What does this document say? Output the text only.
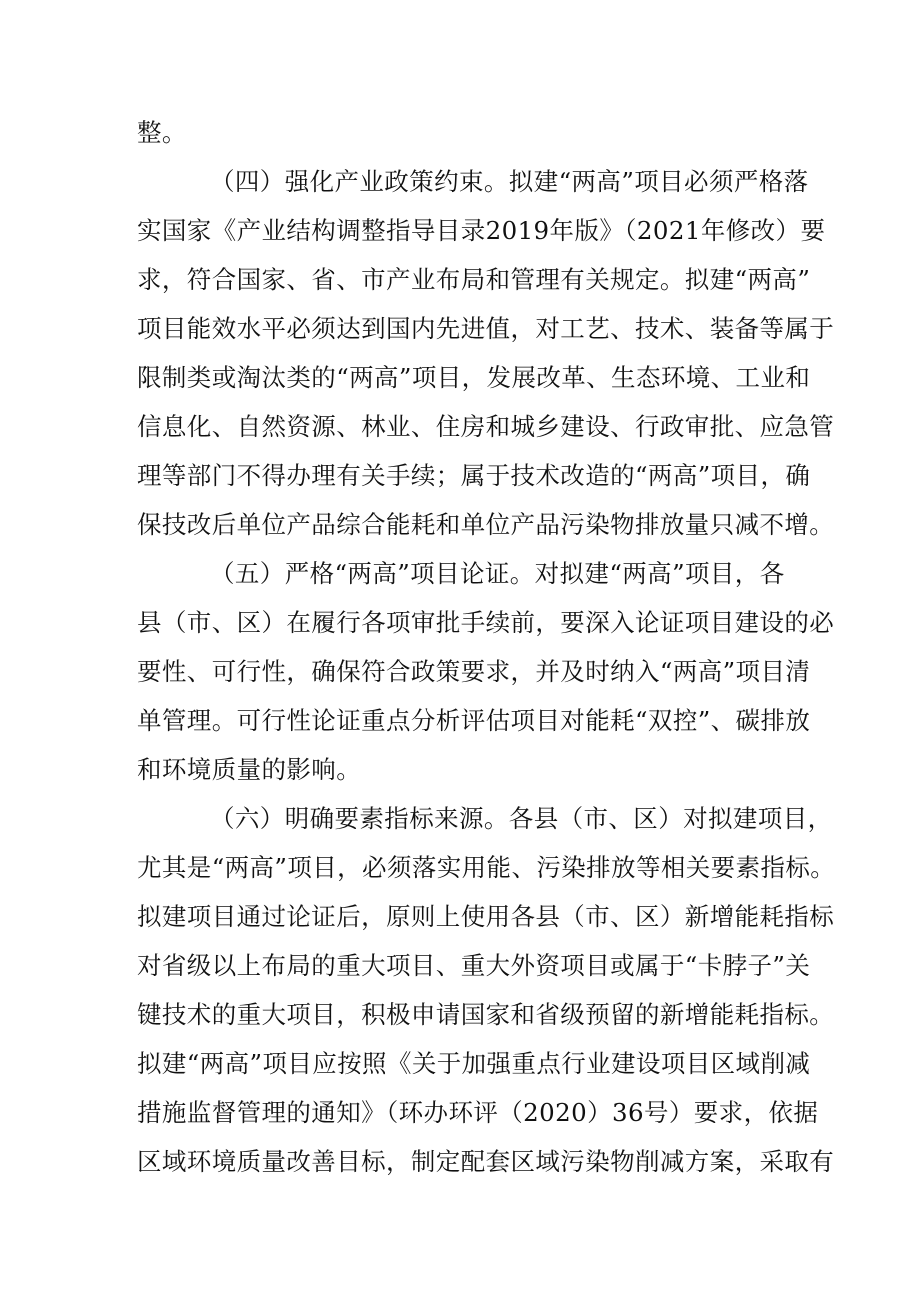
整。
（四）强化产业政策约束。拟建“两高”项目必须严格落
实国家《产业结构调整指导目录2019年版》（2021年修改）要
求，符合国家、省、市产业布局和管理有关规定。拟建“两高”
项目能效水平必须达到国内先进值，对工艺、技术、装备等属于
限制类或淘汰类的“两高”项目，发展改革、生态环境、工业和
信息化、自然资源、林业、住房和城乡建设、行政审批、应急管
理等部门不得办理有关手续；属于技术改造的“两高”项目，确
保技改后单位产品综合能耗和单位产品污染物排放量只减不增。
（五）严格“两高”项目论证。对拟建“两高”项目，各
县（市、区）在履行各项审批手续前，要深入论证项目建设的必
要性、可行性，确保符合政策要求，并及时纳入“两高”项目清
单管理。可行性论证重点分析评估项目对能耗“双控”、碳排放
和环境质量的影响。
（六）明确要素指标来源。各县（市、区）对拟建项目，
尤其是“两高”项目，必须落实用能、污染排放等相关要素指标。
拟建项目通过论证后，原则上使用各县（市、区）新增能耗指标
对省级以上布局的重大项目、重大外资项目或属于“卡脖子”关
键技术的重大项目，积极申请国家和省级预留的新增能耗指标。
拟建“两高”项目应按照《关于加强重点行业建设项目区域削减
措施监督管理的通知》（环办环评（2020）36号）要求，依据
区域环境质量改善目标，制定配套区域污染物削减方案，采取有
